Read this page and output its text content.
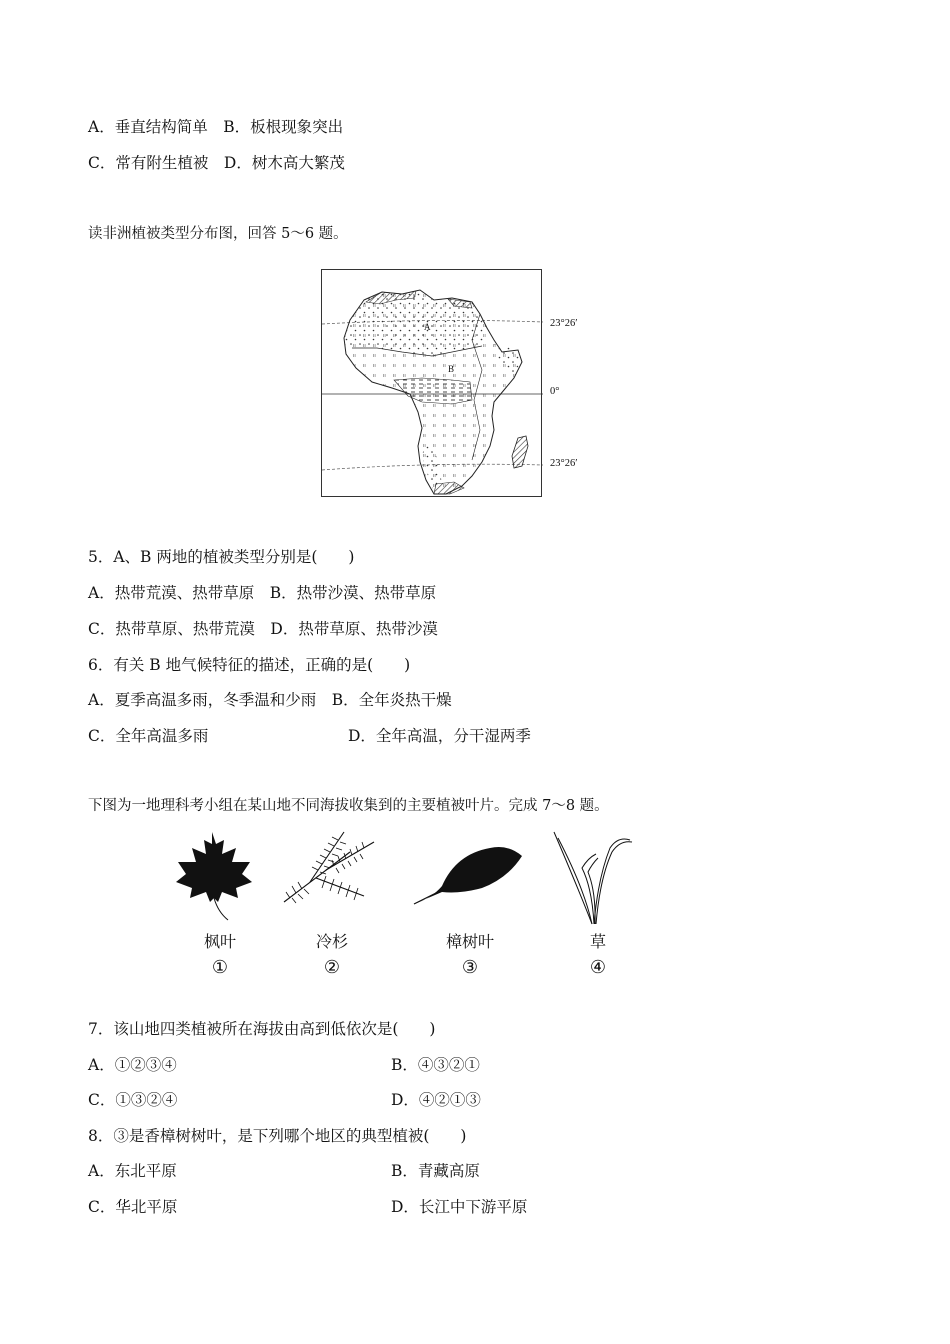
A．垂直结构简单　 B．板根现象突出
C．常有附生植被　 D．树木高大繁茂
读非洲植被类型分布图，回答 5～6 题。
A
B
23°26′
0°
23°26′
5．A、B 两地的植被类型分别是(　　)
A．热带荒漠、热带草原　 B．热带沙漠、热带草原
C．热带草原、热带荒漠　 D．热带草原、热带沙漠
6．有关 B 地气候特征的描述，正确的是(　　)
A．夏季高温多雨，冬季温和少雨　 B．全年炎热干燥
C．全年高温多雨	D．全年高温，分干湿两季
下图为一地理科考小组在某山地不同海拔收集到的主要植被叶片。完成 7～8 题。
枫叶	冷杉	樟树叶	草
①	②	③	④
7．该山地四类植被所在海拔由高到低依次是(　　)
A．①②③④	B．④③②①
C．①③②④	D．④②①③
8．③是香樟树树叶，是下列哪个地区的典型植被(　　)
A．东北平原	B．青藏高原
C．华北平原	D．长江中下游平原
